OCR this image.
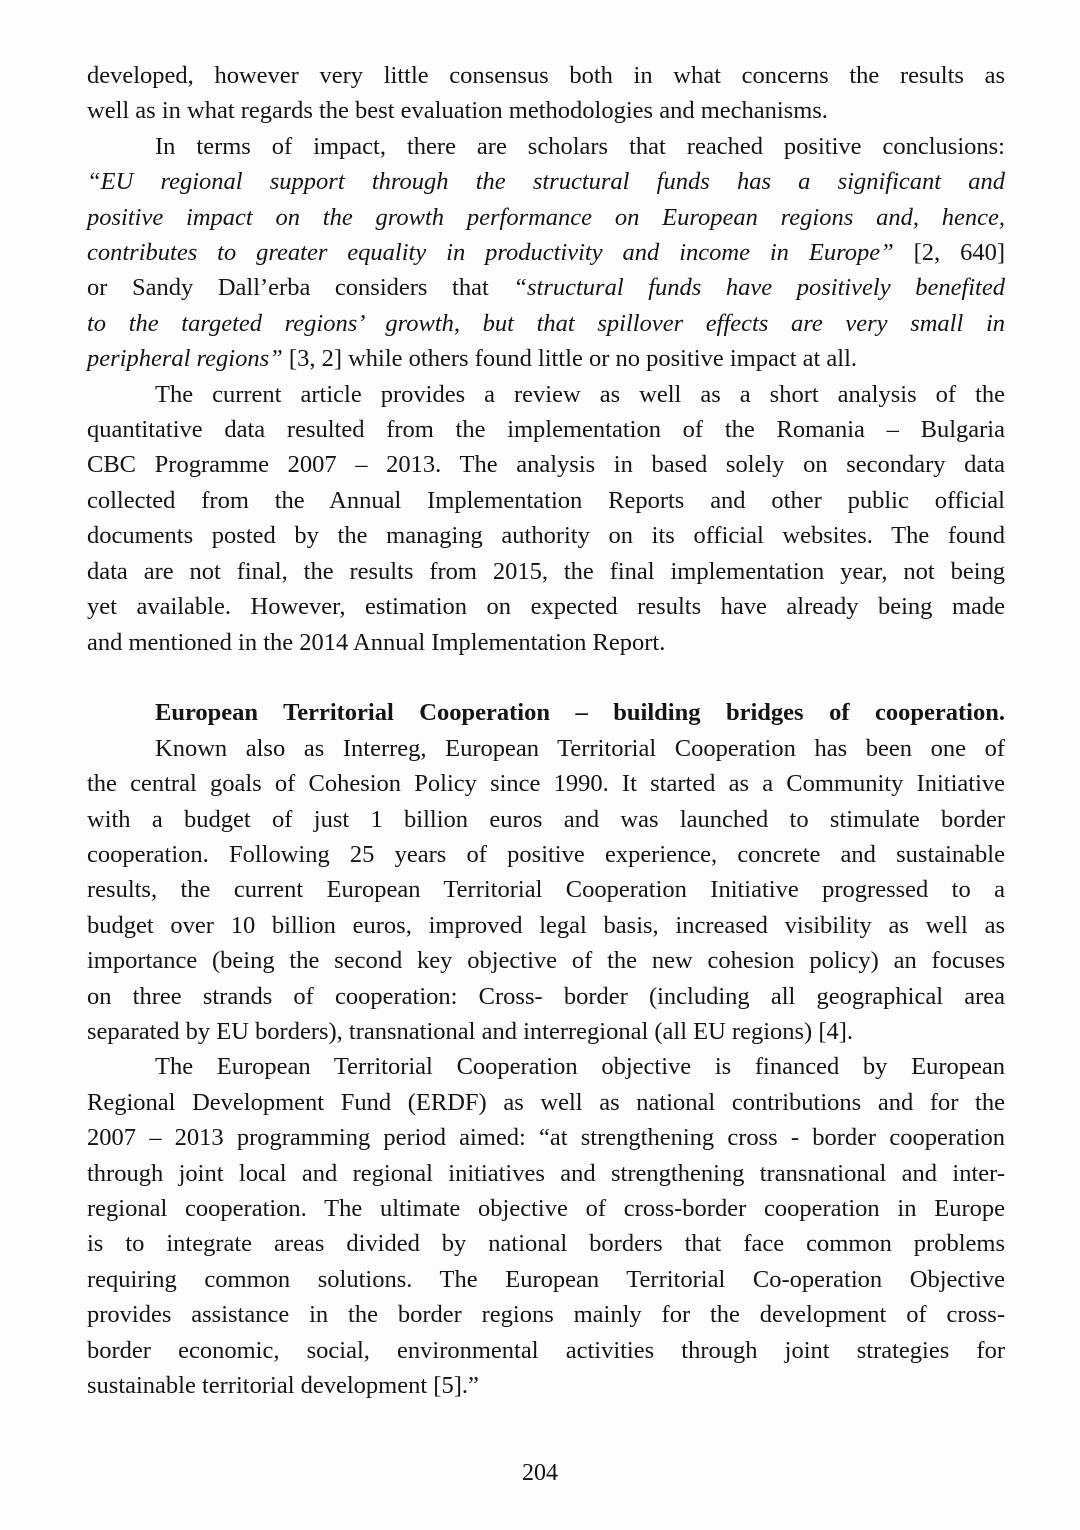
developed, however very little consensus both in what concerns the results as
well as in what regards the best evaluation methodologies and mechanisms.
In terms of impact, there are scholars that reached positive conclusions:
“EU regional support through the structural funds has a significant and
positive impact on the growth performance on European regions and, hence,
contributes to greater equality in productivity and income in Europe” [2, 640]
or Sandy Dall’erba considers that “structural funds have positively benefited
to the targeted regions’ growth, but that spillover effects are very small in
peripheral regions” [3, 2] while others found little or no positive impact at all.
The current article provides a review as well as a short analysis of the
quantitative data resulted from the implementation of the Romania – Bulgaria
CBC Programme 2007 – 2013. The analysis in based solely on secondary data
collected from the Annual Implementation Reports and other public official
documents posted by the managing authority on its official websites. The found
data are not final, the results from 2015, the final implementation year, not being
yet available. However, estimation on expected results have already being made
and mentioned in the 2014 Annual Implementation Report.
European Territorial Cooperation – building bridges of cooperation.
Known also as Interreg, European Territorial Cooperation has been one of
the central goals of Cohesion Policy since 1990. It started as a Community Initiative
with a budget of just 1 billion euros and was launched to stimulate border
cooperation. Following 25 years of positive experience, concrete and sustainable
results, the current European Territorial Cooperation Initiative progressed to a
budget over 10 billion euros, improved legal basis, increased visibility as well as
importance (being the second key objective of the new cohesion policy) an focuses
on three strands of cooperation: Cross- border (including all geographical area
separated by EU borders), transnational and interregional (all EU regions) [4].
The European Territorial Cooperation objective is financed by European
Regional Development Fund (ERDF) as well as national contributions and for the
2007 – 2013 programming period aimed: “at strengthening cross - border cooperation
through joint local and regional initiatives and strengthening transnational and inter-
regional cooperation. The ultimate objective of cross-border cooperation in Europe
is to integrate areas divided by national borders that face common problems
requiring common solutions. The European Territorial Co-operation Objective
provides assistance in the border regions mainly for the development of cross-
border economic, social, environmental activities through joint strategies for
sustainable territorial development [5].”
204
